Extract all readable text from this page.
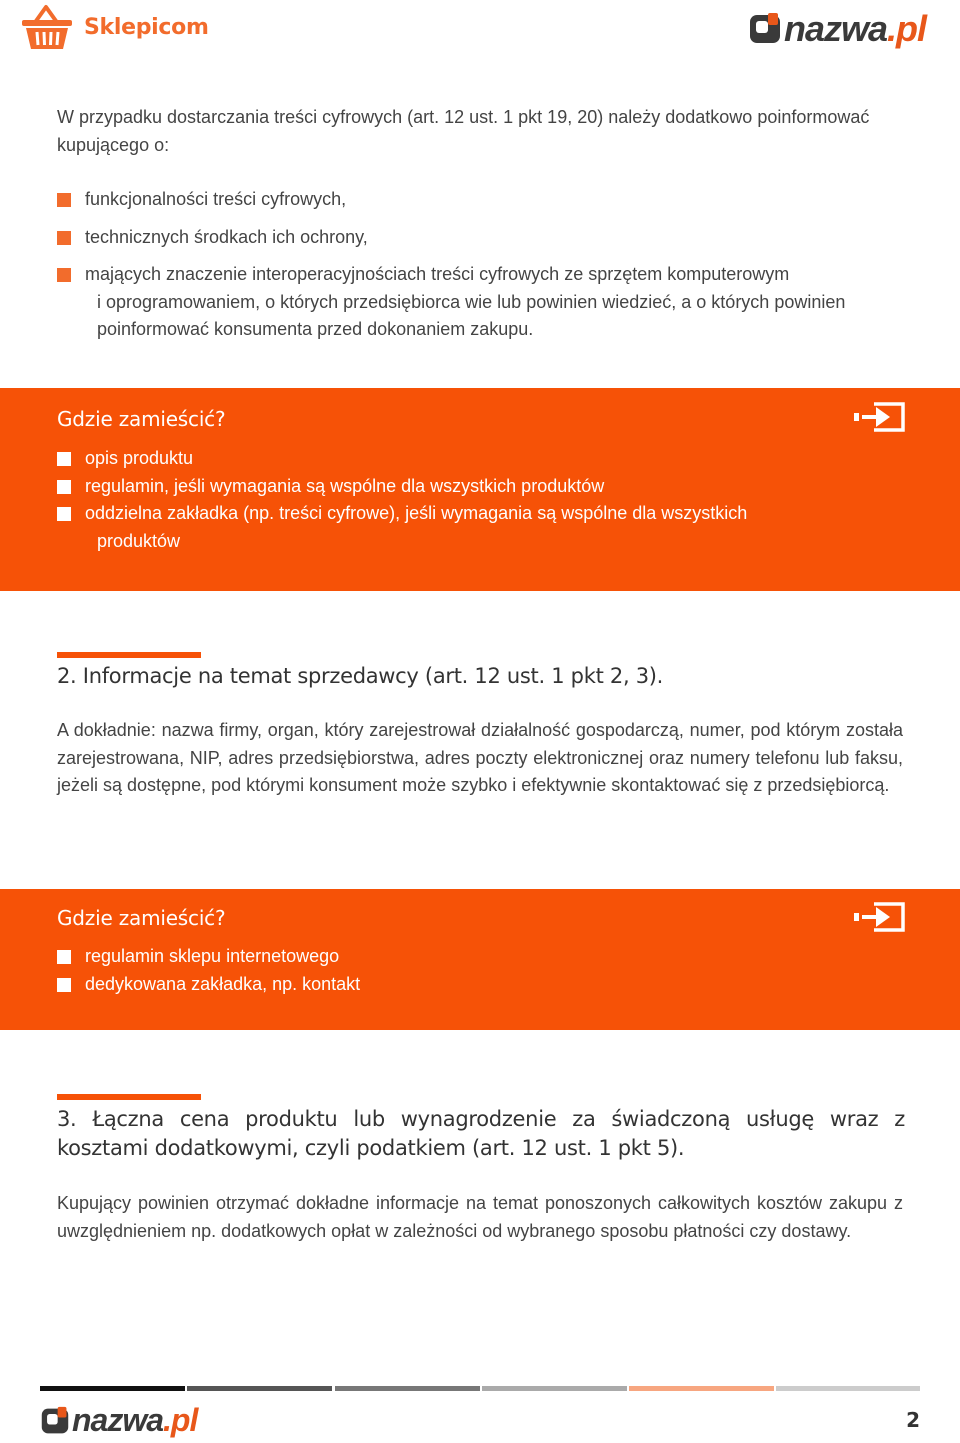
Sklepicom	nazwa.pl
W przypadku dostarczania treści cyfrowych (art. 12 ust. 1 pkt 19, 20) należy dodatkowo poinformować kupującego o:
funkcjonalności treści cyfrowych,
technicznych środkach ich ochrony,
mających znaczenie interoperacyjnościach treści cyfrowych ze sprzętem komputerowym
i oprogramowaniem, o których przedsiębiorca wie lub powinien wiedzieć, a o których powinien poinformować konsumenta przed dokonaniem zakupu.
Gdzie zamieścić?
opis produktu
regulamin, jeśli wymagania są wspólne dla wszystkich produktów
oddzielna zakładka (np. treści cyfrowe), jeśli wymagania są wspólne dla wszystkich
produktów
2. Informacje na temat sprzedawcy (art. 12 ust. 1 pkt 2, 3).
A dokładnie: nazwa firmy, organ, który zarejestrował działalność gospodarczą, numer, pod którym została zarejestrowana, NIP, adres przedsiębiorstwa, adres poczty elektronicznej oraz numery telefonu lub faksu, jeżeli są dostępne, pod którymi konsument może szybko i efektywnie skontaktować się z przedsiębiorcą.
Gdzie zamieścić?
regulamin sklepu internetowego
dedykowana zakładka, np. kontakt
3. Łączna cena produktu lub wynagrodzenie za świadczoną usługę wraz z kosztami dodatkowymi, czyli podatkiem (art. 12 ust. 1 pkt 5).
Kupujący powinien otrzymać dokładne informacje na temat ponoszonych całkowitych kosztów zakupu z uwzględnieniem np. dodatkowych opłat w zależności od wybranego sposobu płatności czy dostawy.
nazwa.pl	2
